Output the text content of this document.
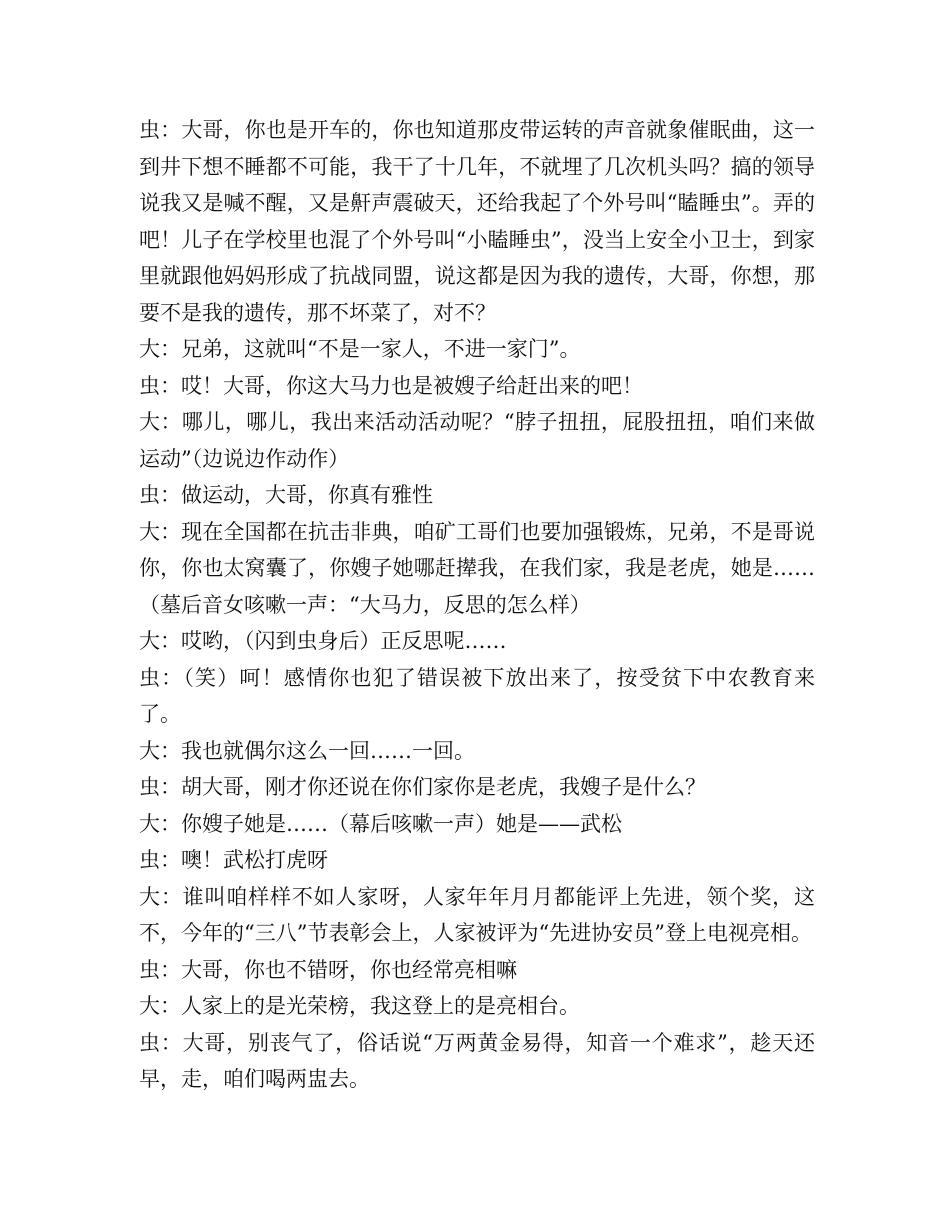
虫：大哥，你也是开车的，你也知道那皮带运转的声音就象催眠曲，这一到井下想不睡都不可能，我干了十几年，不就埋了几次机头吗？搞的领导说我又是喊不醒，又是鼾声震破天，还给我起了个外号叫“瞌睡虫”。弄的吧！儿子在学校里也混了个外号叫“小瞌睡虫”，没当上安全小卫士，到家里就跟他妈妈形成了抗战同盟，说这都是因为我的遗传，大哥，你想，那要不是我的遗传，那不坏菜了，对不？

大：兄弟，这就叫“不是一家人，不进一家门”。

虫：哎！大哥，你这大马力也是被嫂子给赶出来的吧！

大：哪儿，哪儿，我出来活动活动呢？“脖子扭扭，屁股扭扭，咱们来做运动”（边说边作动作）

虫：做运动，大哥，你真有雅性

大：现在全国都在抗击非典，咱矿工哥们也要加强锻炼，兄弟，不是哥说你，你也太窝囊了，你嫂子她哪赶撵我，在我们家，我是老虎，她是……（墓后音女咳嗽一声：“大马力，反思的怎么样）

大：哎哟，（闪到虫身后）正反思呢……

虫：（笑）呵！感情你也犯了错误被下放出来了，按受贫下中农教育来了。

大：我也就偶尔这么一回……一回。

虫：胡大哥，刚才你还说在你们家你是老虎，我嫂子是什么？

大：你嫂子她是……（幕后咳嗽一声）她是——武松

虫：噢！武松打虎呀

大：谁叫咱样样不如人家呀，人家年年月月都能评上先进，领个奖，这不，今年的“三八”节表彰会上，人家被评为“先进协安员”登上电视亮相。

虫：大哥，你也不错呀，你也经常亮相嘛

大：人家上的是光荣榜，我这登上的是亮相台。

虫：大哥，别丧气了，俗话说“万两黄金易得，知音一个难求”，趁天还早，走，咱们喝两盅去。
